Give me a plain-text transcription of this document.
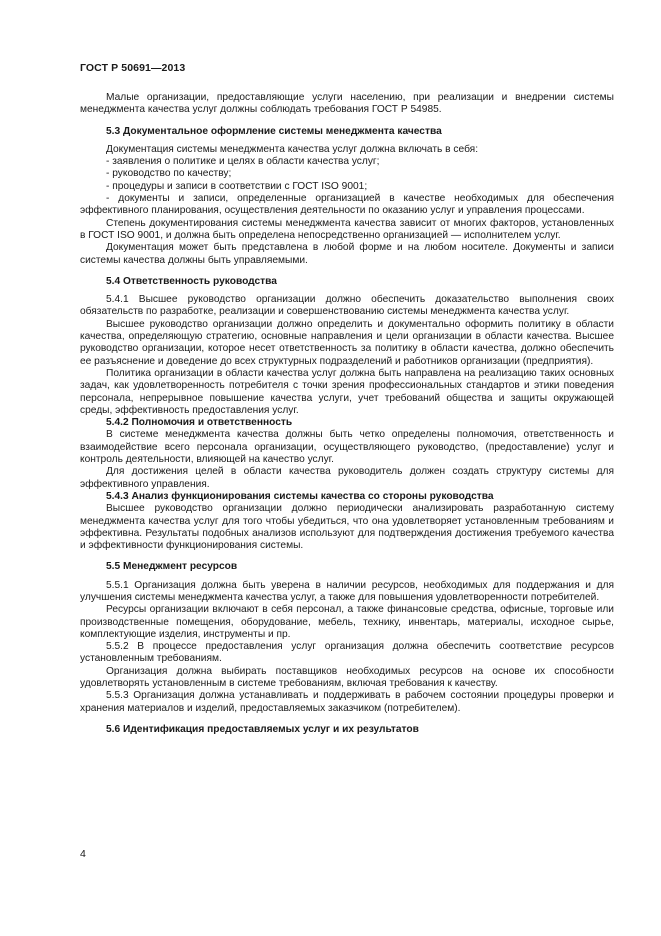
ГОСТ Р 50691—2013

Малые организации, предоставляющие услуги населению, при реализации и внедрении системы менеджмента качества услуг должны соблюдать требования ГОСТ Р 54985.

5.3 Документальное оформление системы менеджмента качества

Документация системы менеджмента качества услуг должна включать в себя:

- заявления о политике и целях в области качества услуг;

- руководство по качеству;

- процедуры и записи в соответствии с ГОСТ ISO 9001;

- документы и записи, определенные организацией в качестве необходимых для обеспечения эффективного планирования, осуществления деятельности по оказанию услуг и управления процессами.

Степень документирования системы менеджмента качества зависит от многих факторов, установленных в ГОСТ ISO 9001, и должна быть определена непосредственно организацией — исполнителем услуг.

Документация может быть представлена в любой форме и на любом носителе. Документы и записи системы качества должны быть управляемыми.

5.4 Ответственность руководства

5.4.1 Высшее руководство организации должно обеспечить доказательство выполнения своих обязательств по разработке, реализации и совершенствованию системы менеджмента качества услуг.

Высшее руководство организации должно определить и документально оформить политику в области качества, определяющую стратегию, основные направления и цели организации в области качества. Высшее руководство организации, которое несет ответственность за политику в области качества, должно обеспечить ее разъяснение и доведение до всех структурных подразделений и работников организации (предприятия).

Политика организации в области качества услуг должна быть направлена на реализацию таких основных задач, как удовлетворенность потребителя с точки зрения профессиональных стандартов и этики поведения персонала, непрерывное повышение качества услуги, учет требований общества и защиты окружающей среды, эффективность предоставления услуг.

5.4.2 Полномочия и ответственность

В системе менеджмента качества должны быть четко определены полномочия, ответственность и взаимодействие всего персонала организации, осуществляющего руководство, (предоставление) услуг и контроль деятельности, влияющей на качество услуг.

Для достижения целей в области качества руководитель должен создать структуру системы для эффективного управления.

5.4.3 Анализ функционирования системы качества со стороны руководства

Высшее руководство организации должно периодически анализировать разработанную систему менеджмента качества услуг для того чтобы убедиться, что она удовлетворяет установленным требованиям и эффективна. Результаты подобных анализов используют для подтверждения достижения требуемого качества и эффективности функционирования системы.

5.5 Менеджмент ресурсов

5.5.1 Организация должна быть уверена в наличии ресурсов, необходимых для поддержания и для улучшения системы менеджмента качества услуг, а также для повышения удовлетворенности потребителей.

Ресурсы организации включают в себя персонал, а также финансовые средства, офисные, торговые или производственные помещения, оборудование, мебель, технику, инвентарь, материалы, исходное сырье, комплектующие изделия, инструменты и пр.

5.5.2 В процессе предоставления услуг организация должна обеспечить соответствие ресурсов установленным требованиям.

Организация должна выбирать поставщиков необходимых ресурсов на основе их способности удовлетворять установленным в системе требованиям, включая требования к качеству.

5.5.3 Организация должна устанавливать и поддерживать в рабочем состоянии процедуры проверки и хранения материалов и изделий, предоставляемых заказчиком (потребителем).

5.6 Идентификация предоставляемых услуг и их результатов

4
